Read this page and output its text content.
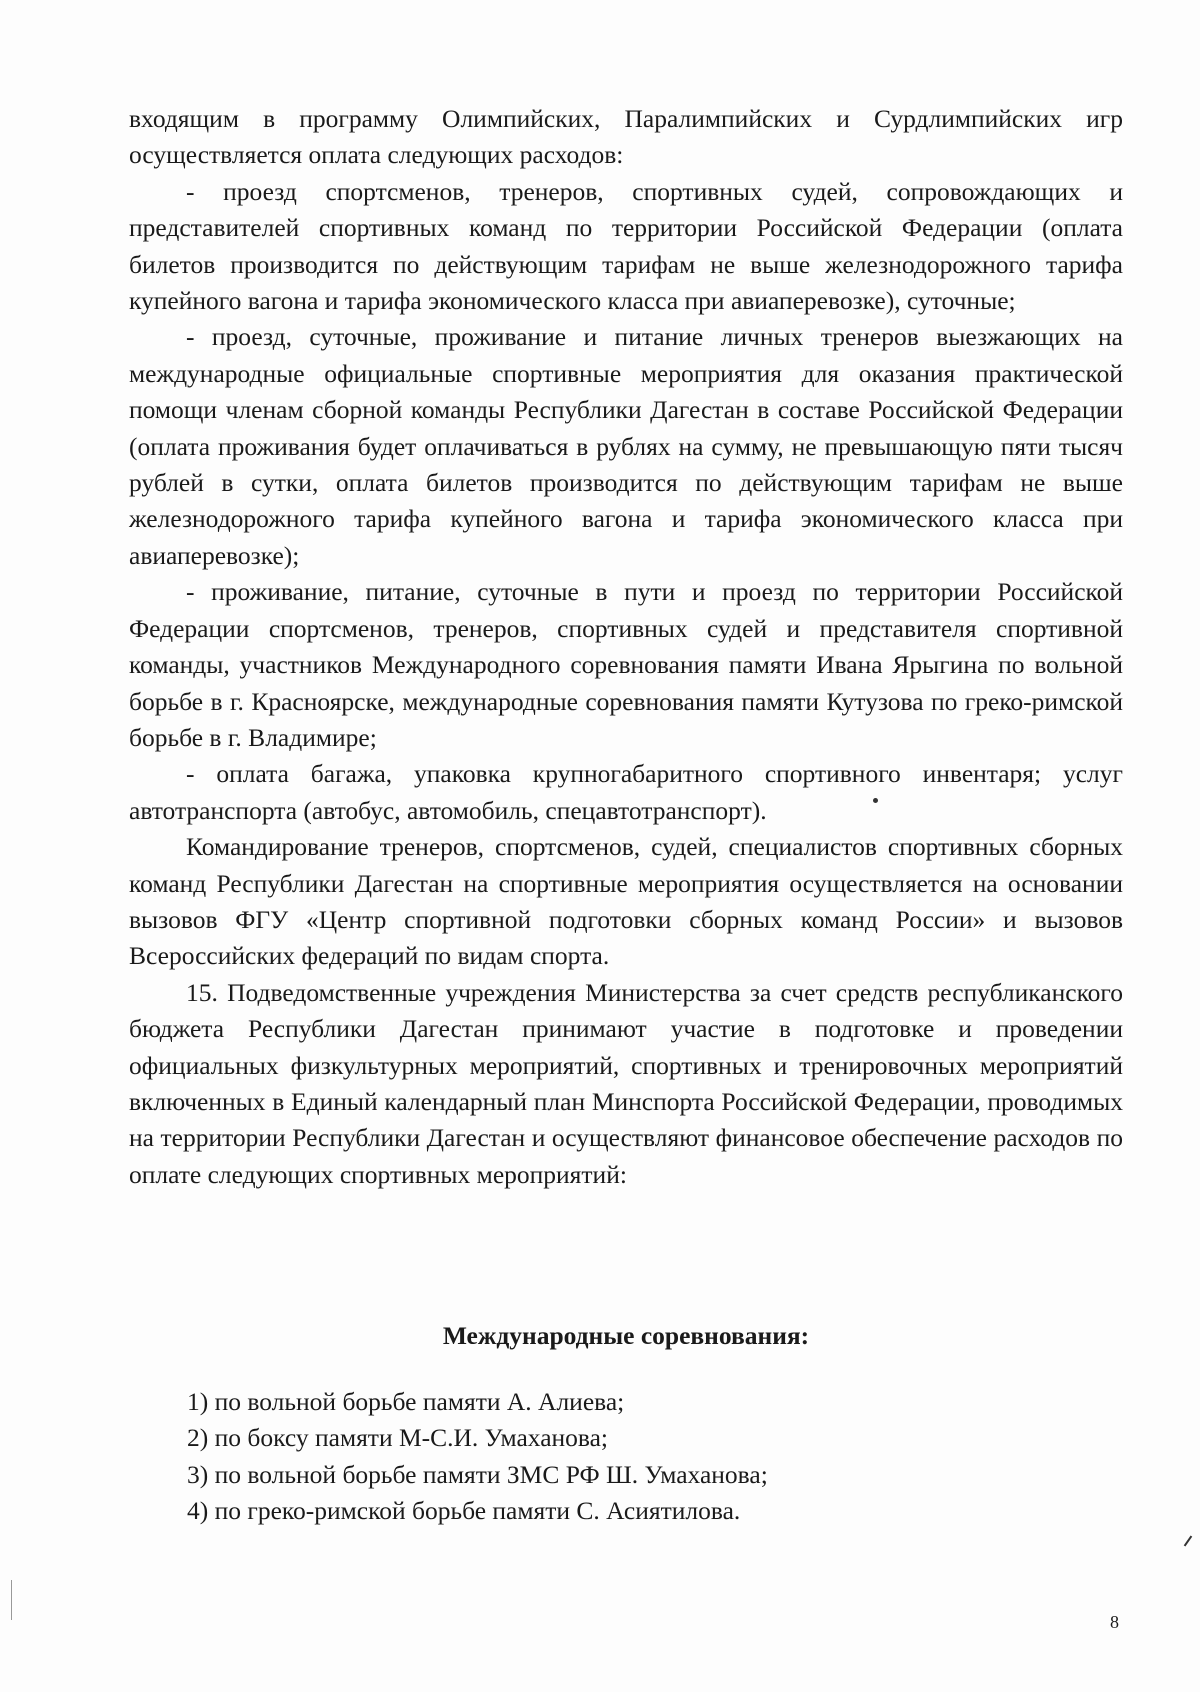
входящим в программу Олимпийских, Паралимпийских и Сурдлимпийских игр осуществляется оплата следующих расходов:

- проезд спортсменов, тренеров, спортивных судей, сопровождающих и представителей спортивных команд по территории Российской Федерации (оплата билетов производится по действующим тарифам не выше железнодорожного тарифа купейного вагона и тарифа экономического класса при авиаперевозке), суточные;

- проезд, суточные, проживание и питание личных тренеров выезжающих на международные официальные спортивные мероприятия для оказания практической помощи членам сборной команды Республики Дагестан в составе Российской Федерации (оплата проживания будет оплачиваться в рублях на сумму, не превышающую пяти тысяч рублей в сутки, оплата билетов производится по действующим тарифам не выше железнодорожного тарифа купейного вагона и тарифа экономического класса при авиаперевозке);

- проживание, питание, суточные в пути и проезд по территории Российской Федерации спортсменов, тренеров, спортивных судей и представителя спортивной команды, участников Международного соревнования памяти Ивана Ярыгина по вольной борьбе в г. Красноярске, международные соревнования памяти Кутузова по греко-римской борьбе в г. Владимире;

- оплата багажа, упаковка крупногабаритного спортивного инвентаря; услуг автотранспорта (автобус, автомобиль, спецавтотранспорт).

Командирование тренеров, спортсменов, судей, специалистов спортивных сборных команд Республики Дагестан на спортивные мероприятия осуществляется на основании вызовов ФГУ «Центр спортивной подготовки сборных команд России» и вызовов Всероссийских федераций по видам спорта.

15. Подведомственные учреждения Министерства за счет средств республиканского бюджета Республики Дагестан принимают участие в подготовке и проведении официальных физкультурных мероприятий, спортивных и тренировочных мероприятий включенных в Единый календарный план Минспорта Российской Федерации, проводимых на территории Республики Дагестан и осуществляют финансовое обеспечение расходов по оплате следующих спортивных мероприятий:

Международные соревнования:
1) по вольной борьбе памяти А. Алиева;
2) по боксу памяти М-С.И. Умаханова;
3) по вольной борьбе памяти ЗМС РФ Ш. Умаханова;
4) по греко-римской борьбе памяти С. Асиятилова.
8
